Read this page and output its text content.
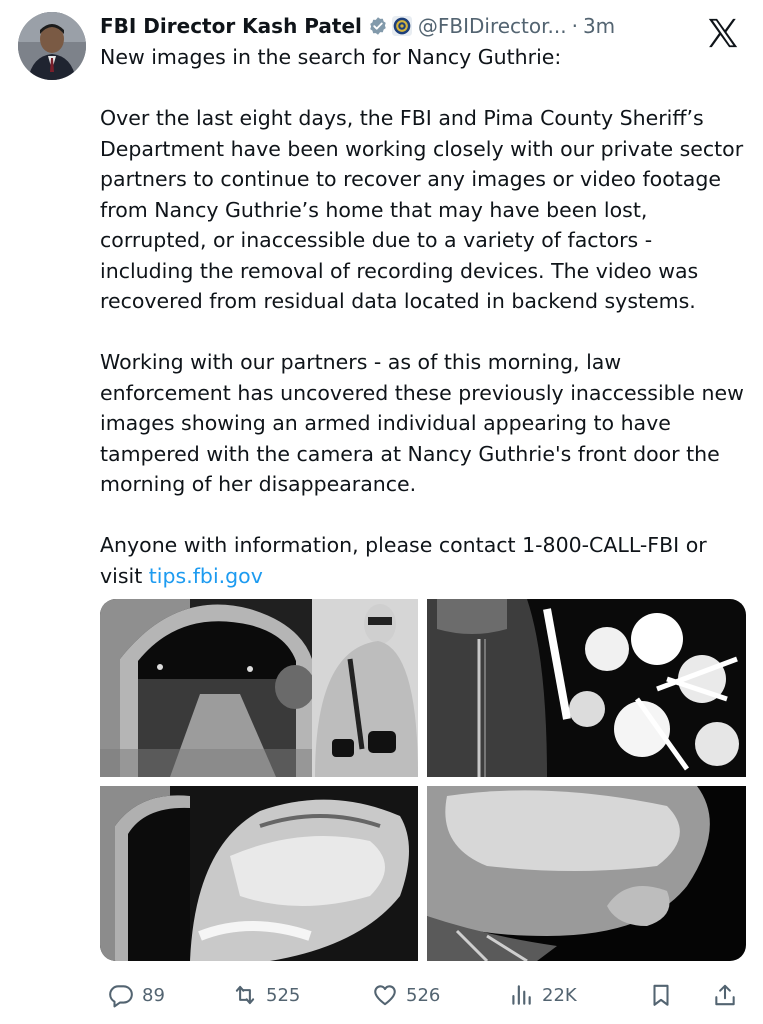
FBI Director Kash Patel	@FBIDirector... · 3m

New images in the search for Nancy Guthrie:

Over the last eight days, the FBI and Pima County Sheriff’s Department have been working closely with our private sector partners to continue to recover any images or video footage from Nancy Guthrie’s home that may have been lost, corrupted, or inaccessible due to a variety of factors - including the removal of recording devices. The video was recovered from residual data located in backend systems.

Working with our partners - as of this morning, law enforcement has uncovered these previously inaccessible new images showing an armed individual appearing to have tampered with the camera at Nancy Guthrie's front door the morning of her disappearance.

Anyone with information, please contact 1-800-CALL-FBI or visit tips.fbi.gov

89	525	526	22K
